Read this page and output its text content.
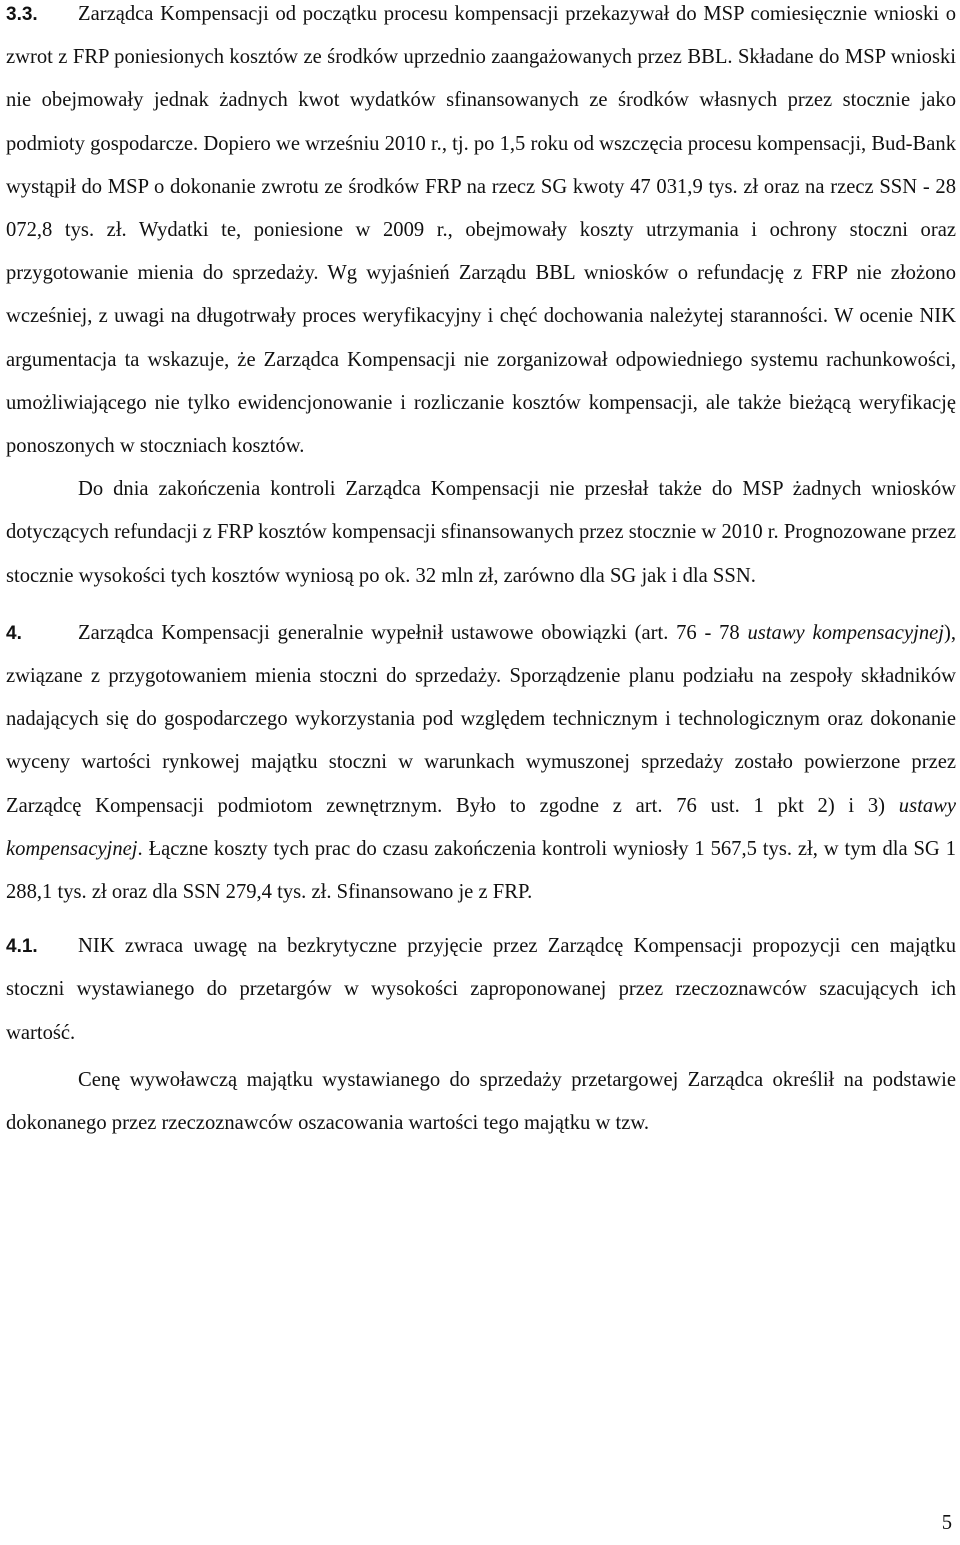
3.3. Zarządca Kompensacji od początku procesu kompensacji przekazywał do MSP comiesięcznie wnioski o zwrot z FRP poniesionych kosztów ze środków uprzednio zaangażowanych przez BBL. Składane do MSP wnioski nie obejmowały jednak żadnych kwot wydatków sfinansowanych ze środków własnych przez stocznie jako podmioty gospodarcze. Dopiero we wrześniu 2010 r., tj. po 1,5 roku od wszczęcia procesu kompensacji, Bud-Bank wystąpił do MSP o dokonanie zwrotu ze środków FRP na rzecz SG kwoty 47 031,9 tys. zł oraz na rzecz SSN - 28 072,8 tys. zł. Wydatki te, poniesione w 2009 r., obejmowały koszty utrzymania i ochrony stoczni oraz przygotowanie mienia do sprzedaży. Wg wyjaśnień Zarządu BBL wniosków o refundację z FRP nie złożono wcześniej, z uwagi na długotrwały proces weryfikacyjny i chęć dochowania należytej staranności. W ocenie NIK argumentacja ta wskazuje, że Zarządca Kompensacji nie zorganizował odpowiedniego systemu rachunkowości, umożliwiającego nie tylko ewidencjonowanie i rozliczanie kosztów kompensacji, ale także bieżącą weryfikację ponoszonych w stoczniach kosztów.

Do dnia zakończenia kontroli Zarządca Kompensacji nie przesłał także do MSP żadnych wniosków dotyczących refundacji z FRP kosztów kompensacji sfinansowanych przez stocznie w 2010 r. Prognozowane przez stocznie wysokości tych kosztów wyniosą po ok. 32 mln zł, zarówno dla SG jak i dla SSN.

4.	Zarządca Kompensacji generalnie wypełnił ustawowe obowiązki (art. 76 - 78 ustawy kompensacyjnej), związane z przygotowaniem mienia stoczni do sprzedaży. Sporządzenie planu podziału na zespoły składników nadających się do gospodarczego wykorzystania pod względem technicznym i technologicznym oraz dokonanie wyceny wartości rynkowej majątku stoczni w warunkach wymuszonej sprzedaży zostało powierzone przez Zarządcę Kompensacji podmiotom zewnętrznym. Było to zgodne z art. 76 ust. 1 pkt 2) i 3) ustawy kompensacyjnej. Łączne koszty tych prac do czasu zakończenia kontroli wyniosły 1 567,5 tys. zł, w tym dla SG 1 288,1 tys. zł oraz dla SSN 279,4 tys. zł. Sfinansowano je z FRP.

4.1. NIK zwraca uwagę na bezkrytyczne przyjęcie przez Zarządcę Kompensacji propozycji cen majątku stoczni wystawianego do przetargów w wysokości zaproponowanej przez rzeczoznawców szacujących ich wartość.

Cenę wywoławczą majątku wystawianego do sprzedaży przetargowej Zarządca określił na podstawie dokonanego przez rzeczoznawców oszacowania wartości tego majątku w tzw.

5
